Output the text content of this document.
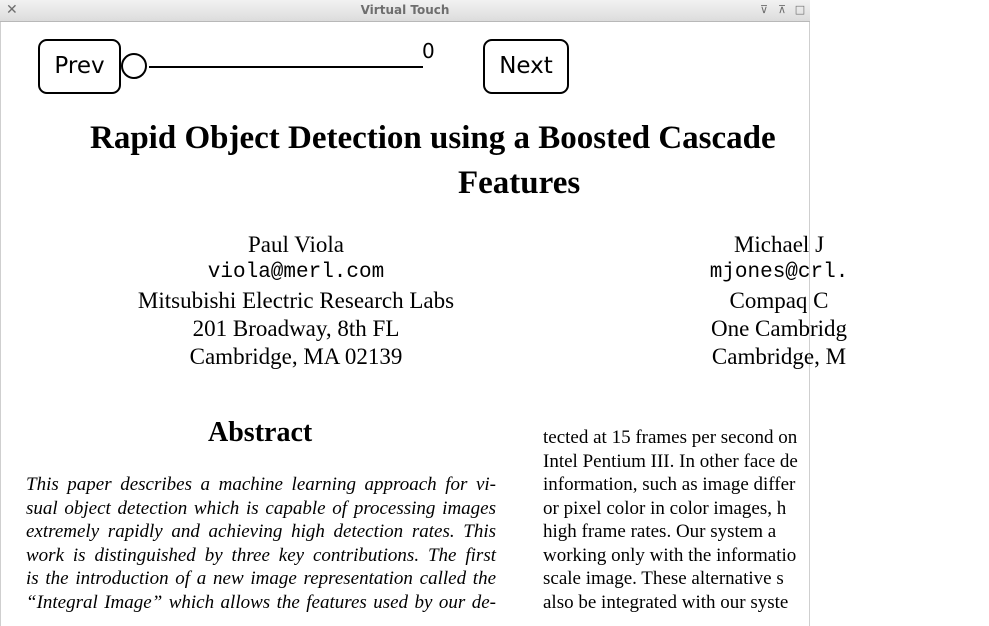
✕	Virtual Touch	⊽ ⊼ □
Rapid Object Detection using a Boosted Cascade
Features
Paul Viola
viola@merl.com
Mitsubishi Electric Research Labs
201 Broadway, 8th FL
Cambridge, MA 02139
Michael J
mjones@crl.
Compaq C
One Cambridg
Cambridge, M
Abstract
This paper describes a machine learning approach for vi-
sual object detection which is capable of processing images
extremely rapidly and achieving high detection rates. This
work is distinguished by three key contributions. The first
is the introduction of a new image representation called the
“Integral Image” which allows the features used by our de-
tected at 15 frames per second on
Intel Pentium III. In other face de
information, such as image differ
or pixel color in color images, h
high frame rates. Our system a
working only with the informatio
scale image. These alternative s
also be integrated with our syste
Prev
0
Next
